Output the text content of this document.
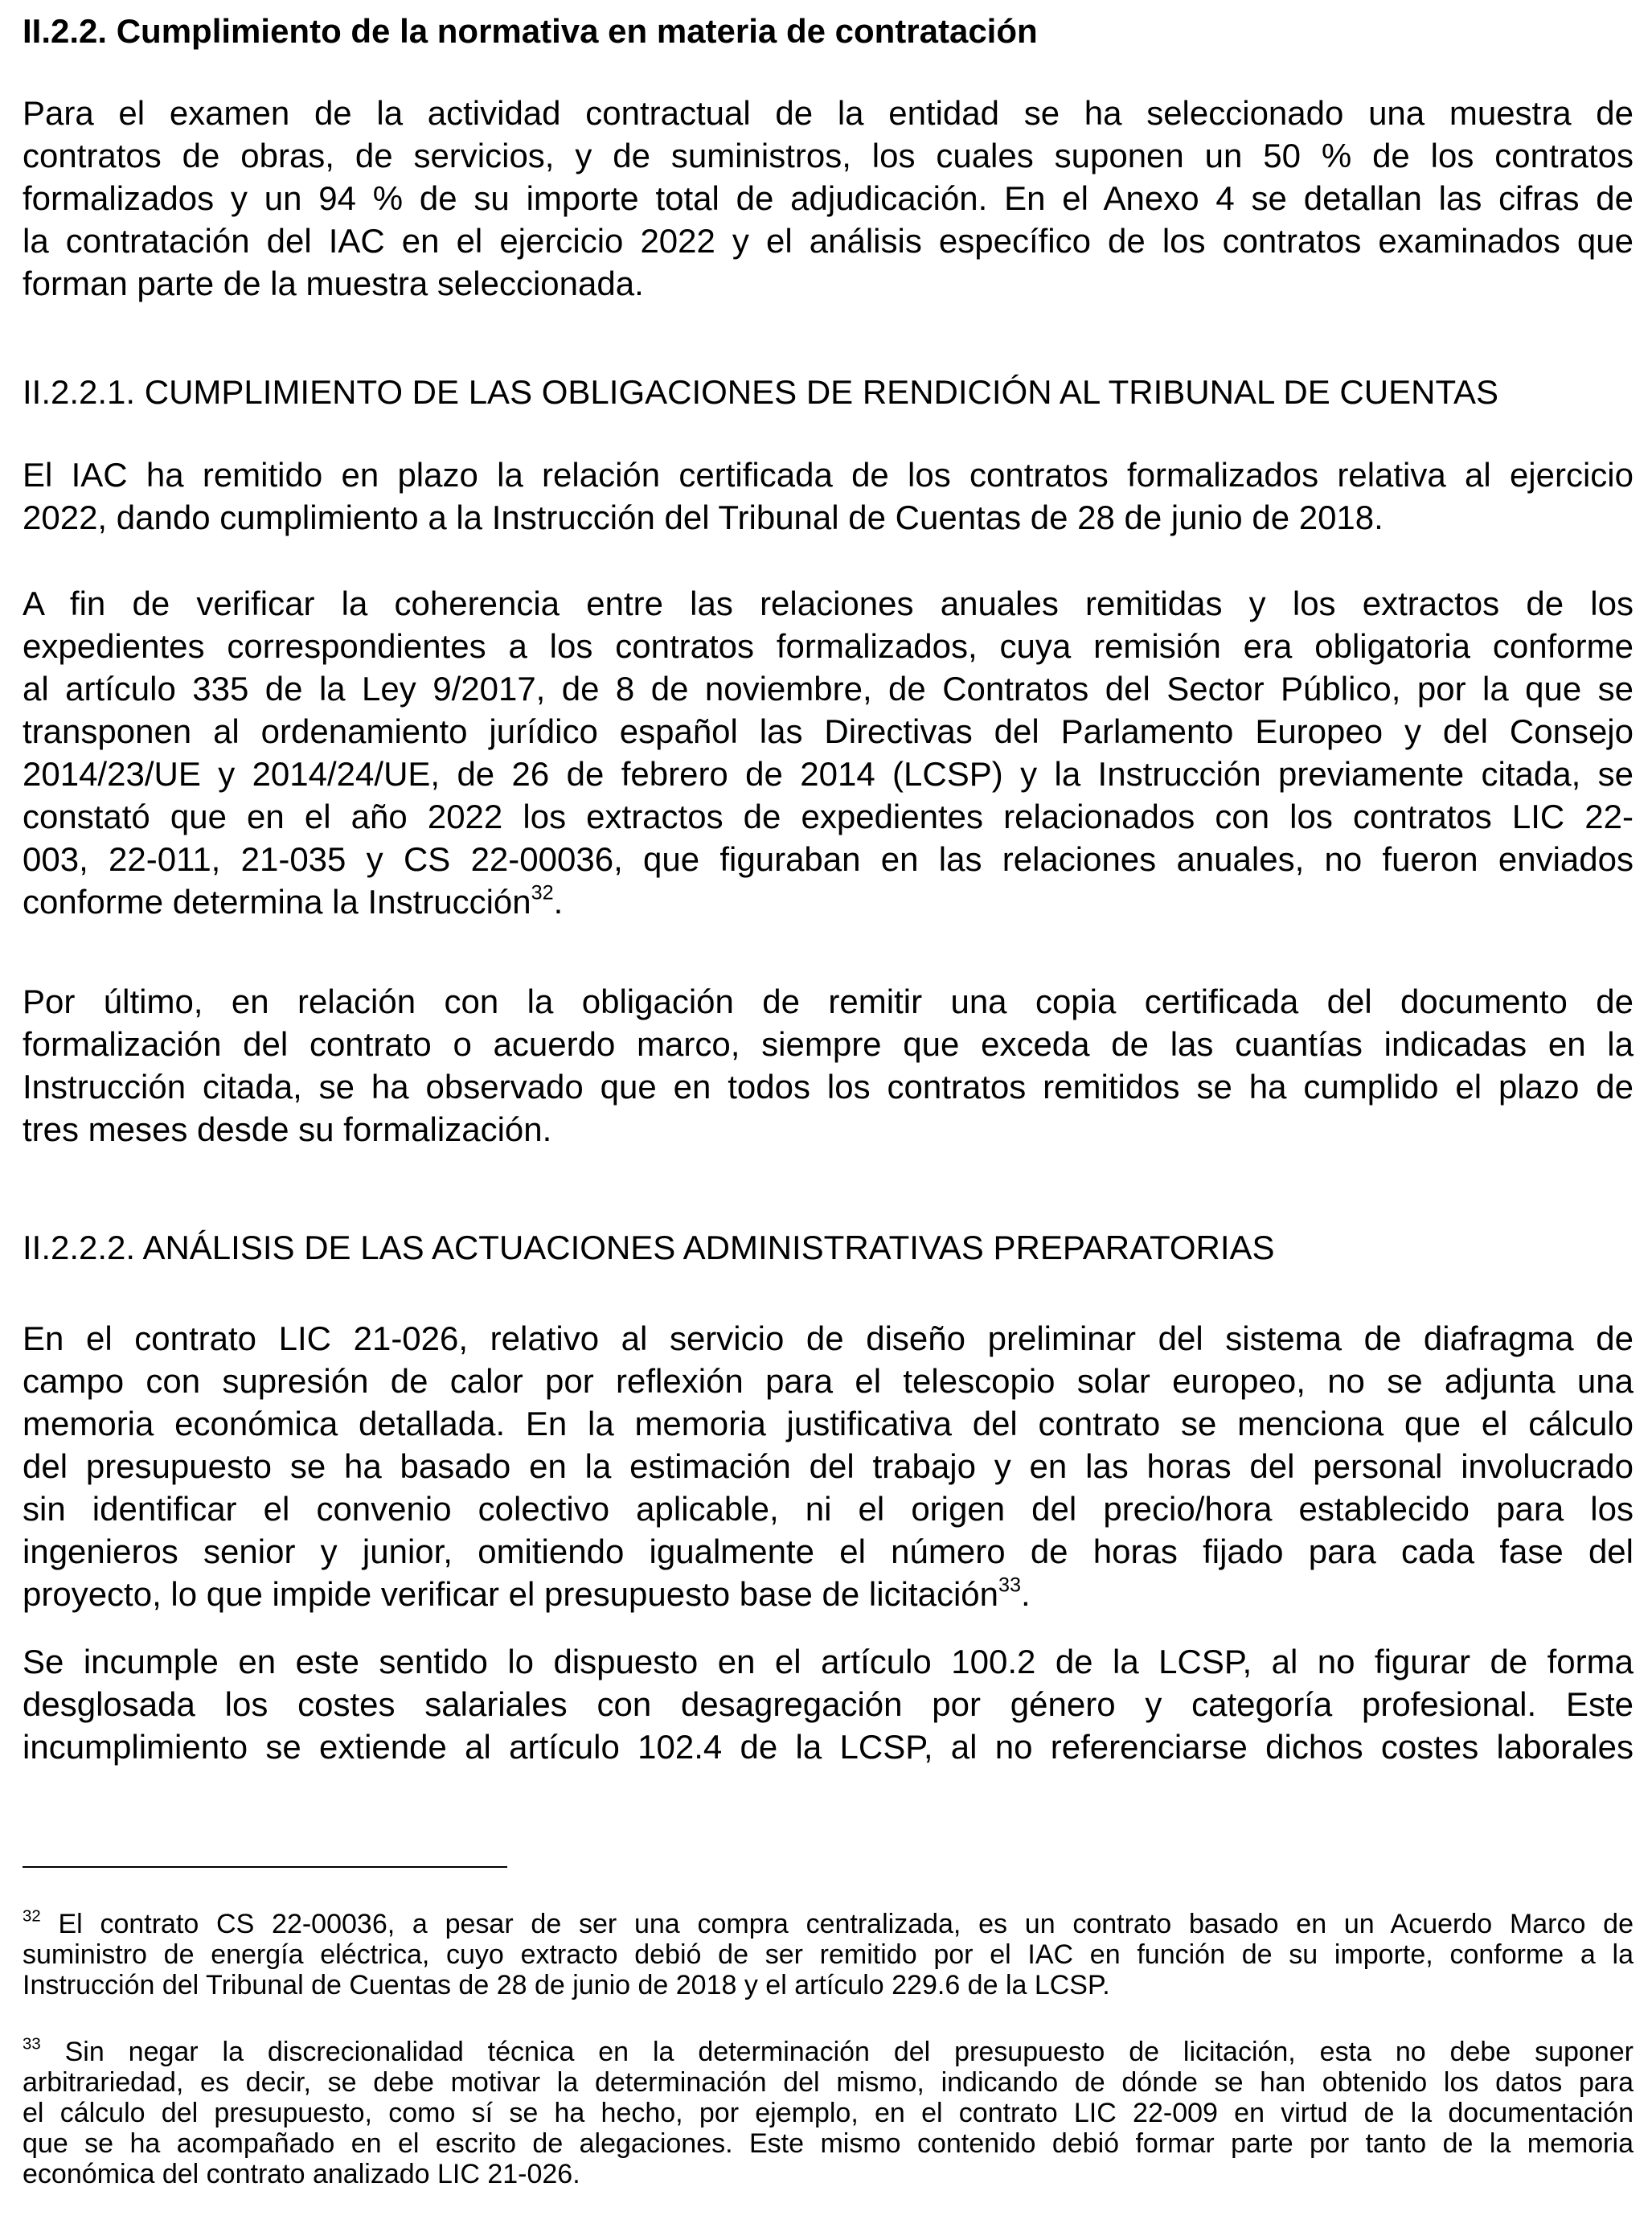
II.2.2. Cumplimiento de la normativa en materia de contratación
Para el examen de la actividad contractual de la entidad se ha seleccionado una muestra de
contratos de obras, de servicios, y de suministros, los cuales suponen un 50 % de los contratos
formalizados y un 94 % de su importe total de adjudicación. En el Anexo 4 se detallan las cifras de
la contratación del IAC en el ejercicio 2022 y el análisis específico de los contratos examinados que
forman parte de la muestra seleccionada.
II.2.2.1. CUMPLIMIENTO DE LAS OBLIGACIONES DE RENDICIÓN AL TRIBUNAL DE CUENTAS
El IAC ha remitido en plazo la relación certificada de los contratos formalizados relativa al ejercicio
2022, dando cumplimiento a la Instrucción del Tribunal de Cuentas de 28 de junio de 2018.
A fin de verificar la coherencia entre las relaciones anuales remitidas y los extractos de los
expedientes correspondientes a los contratos formalizados, cuya remisión era obligatoria conforme
al artículo 335 de la Ley 9/2017, de 8 de noviembre, de Contratos del Sector Público, por la que se
transponen al ordenamiento jurídico español las Directivas del Parlamento Europeo y del Consejo
2014/23/UE y 2014/24/UE, de 26 de febrero de 2014 (LCSP) y la Instrucción previamente citada, se
constató que en el año 2022 los extractos de expedientes relacionados con los contratos LIC 22-
003, 22-011, 21-035 y CS 22-00036, que figuraban en las relaciones anuales, no fueron enviados
conforme determina la Instrucción$^{32}$.
Por último, en relación con la obligación de remitir una copia certificada del documento de
formalización del contrato o acuerdo marco, siempre que exceda de las cuantías indicadas en la
Instrucción citada, se ha observado que en todos los contratos remitidos se ha cumplido el plazo de
tres meses desde su formalización.
II.2.2.2. ANÁLISIS DE LAS ACTUACIONES ADMINISTRATIVAS PREPARATORIAS
En el contrato LIC 21-026, relativo al servicio de diseño preliminar del sistema de diafragma de
campo con supresión de calor por reflexión para el telescopio solar europeo, no se adjunta una
memoria económica detallada. En la memoria justificativa del contrato se menciona que el cálculo
del presupuesto se ha basado en la estimación del trabajo y en las horas del personal involucrado
sin identificar el convenio colectivo aplicable, ni el origen del precio/hora establecido para los
ingenieros senior y junior, omitiendo igualmente el número de horas fijado para cada fase del
proyecto, lo que impide verificar el presupuesto base de licitación$^{33}$.
Se incumple en este sentido lo dispuesto en el artículo 100.2 de la LCSP, al no figurar de forma
desglosada los costes salariales con desagregación por género y categoría profesional. Este
incumplimiento se extiende al artículo 102.4 de la LCSP, al no referenciarse dichos costes laborales
$^{32}$ El contrato CS 22-00036, a pesar de ser una compra centralizada, es un contrato basado en un Acuerdo Marco de
suministro de energía eléctrica, cuyo extracto debió de ser remitido por el IAC en función de su importe, conforme a la
Instrucción del Tribunal de Cuentas de 28 de junio de 2018 y el artículo 229.6 de la LCSP.
$^{33}$ Sin negar la discrecionalidad técnica en la determinación del presupuesto de licitación, esta no debe suponer
arbitrariedad, es decir, se debe motivar la determinación del mismo, indicando de dónde se han obtenido los datos para
el cálculo del presupuesto, como sí se ha hecho, por ejemplo, en el contrato LIC 22-009 en virtud de la documentación
que se ha acompañado en el escrito de alegaciones. Este mismo contenido debió formar parte por tanto de la memoria
económica del contrato analizado LIC 21-026.
